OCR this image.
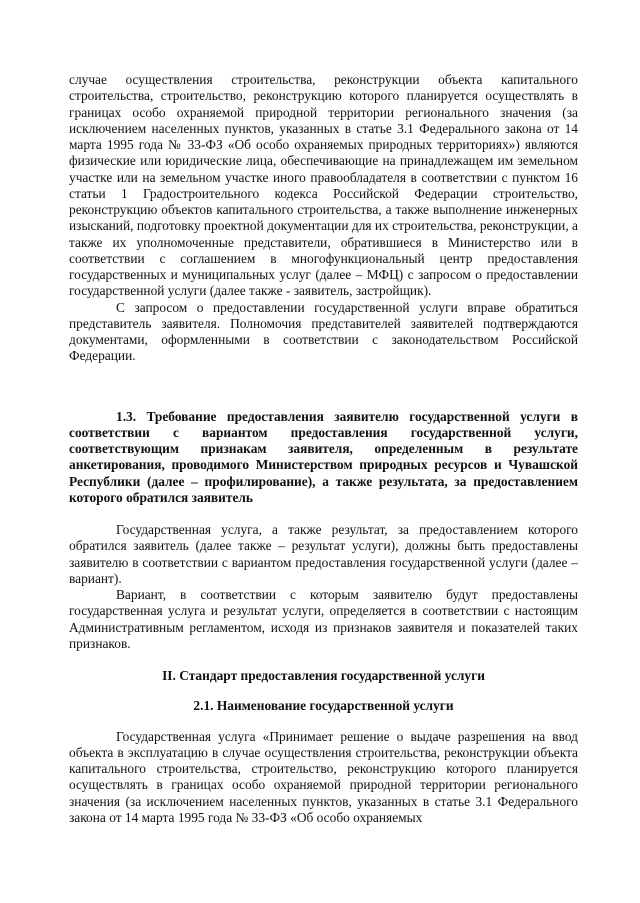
случае осуществления строительства, реконструкции объекта капитального строительства, строительство, реконструкцию которого планируется осуществлять в границах особо охраняемой природной территории регионального значения (за исключением населенных пунктов, указанных в статье 3.1 Федерального закона от 14 марта 1995 года № 33-ФЗ «Об особо охраняемых природных территориях») являются физические или юридические лица, обеспечивающие на принадлежащем им земельном участке или на земельном участке иного правообладателя в соответствии с пунктом 16 статьи 1 Градостроительного кодекса Российской Федерации строительство, реконструкцию объектов капитального строительства, а также выполнение инженерных изысканий, подготовку проектной документации для их строительства, реконструкции, а также их уполномоченные представители, обратившиеся в Министерство или в соответствии с соглашением в многофункциональный центр предоставления государственных и муниципальных услуг (далее – МФЦ) с запросом о предоставлении государственной услуги (далее также - заявитель, застройщик).

С запросом о предоставлении государственной услуги вправе обратиться представитель заявителя. Полномочия представителей заявителей подтверждаются документами, оформленными в соответствии с законодательством Российской Федерации.

1.3. Требование предоставления заявителю государственной услуги в соответствии с вариантом предоставления государственной услуги, соответствующим признакам заявителя, определенным в результате анкетирования, проводимого Министерством природных ресурсов и Чувашской Республики (далее – профилирование), а также результата, за предоставлением которого обратился заявитель

Государственная услуга, а также результат, за предоставлением которого обратился заявитель (далее также – результат услуги), должны быть предоставлены заявителю в соответствии с вариантом предоставления государственной услуги (далее – вариант).

Вариант, в соответствии с которым заявителю будут предоставлены государственная услуга и результат услуги, определяется в соответствии с настоящим Административным регламентом, исходя из признаков заявителя и показателей таких признаков.

II. Стандарт предоставления государственной услуги

2.1. Наименование государственной услуги

Государственная услуга «Принимает решение о выдаче разрешения на ввод объекта в эксплуатацию в случае осуществления строительства, реконструкции объекта капитального строительства, строительство, реконструкцию которого планируется осуществлять в границах особо охраняемой природной территории регионального значения (за исключением населенных пунктов, указанных в статье 3.1 Федерального закона от 14 марта 1995 года № 33-ФЗ «Об особо охраняемых
